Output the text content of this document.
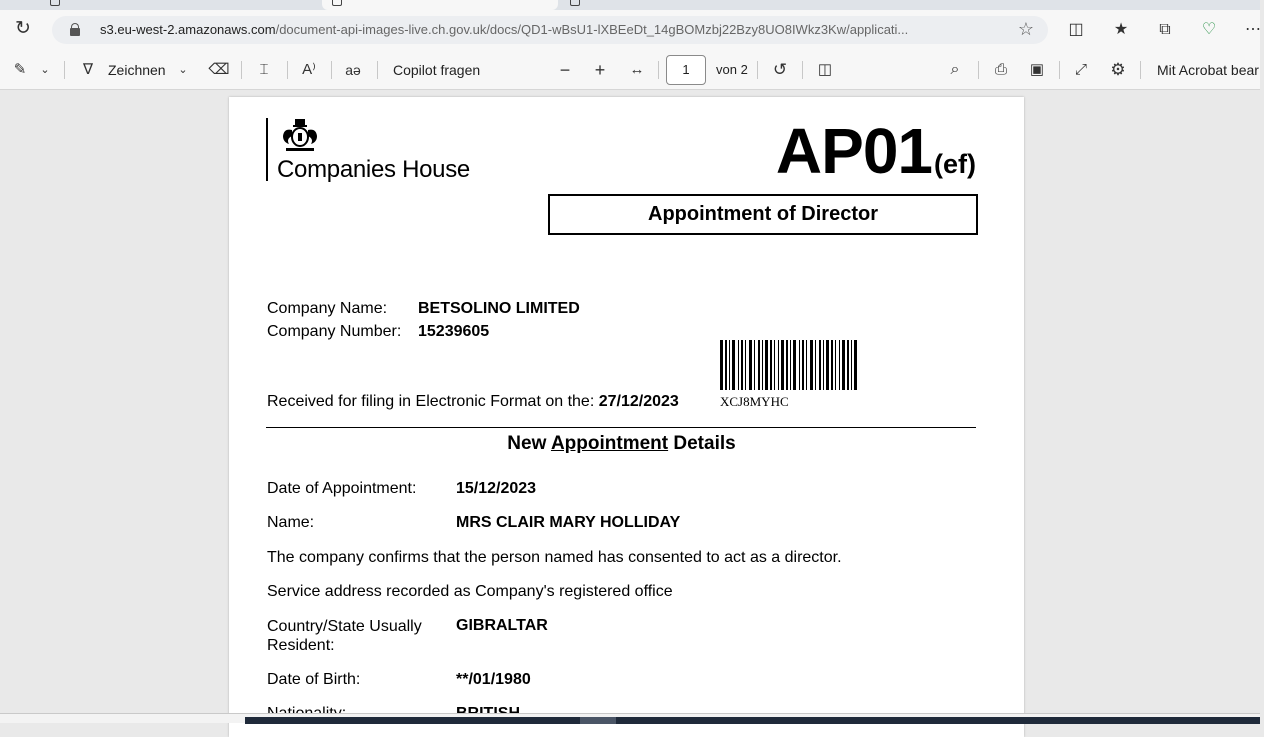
↻	s3.eu-west-2.amazonaws.com/document-api-images-live.ch.gov.uk/docs/QD1-wBsU1-lXBEeDt_14gBOMzbj22Bzy8UO8IWkz3Kw/applicati...	☆ ◫ ★	⧉	♡ ⋯
✎	⌄	∇	Zeichnen ⌄ ⌫	⌶	A⁾ aə Copilot fragen	− +	↔	1	von 2 ↺ ◫	⌕	⎙	▣	⤢ ⚙ Mit Acrobat bear
Companies House	AP01(ef)
Appointment of Director
Company Name: BETSOLINO LIMITED
Company Number: 15239605
Received for filing in Electronic Format on the: 27/12/2023	XCJ8MYHC
New Appointment Details
Date of Appointment: 15/12/2023
Name:	MRS CLAIR MARY HOLLIDAY
The company confirms that the person named has consented to act as a director.
Service address recorded as Company's registered office
Country/State Usually
Resident:
GIBRALTAR
Date of Birth:	**/01/1980
